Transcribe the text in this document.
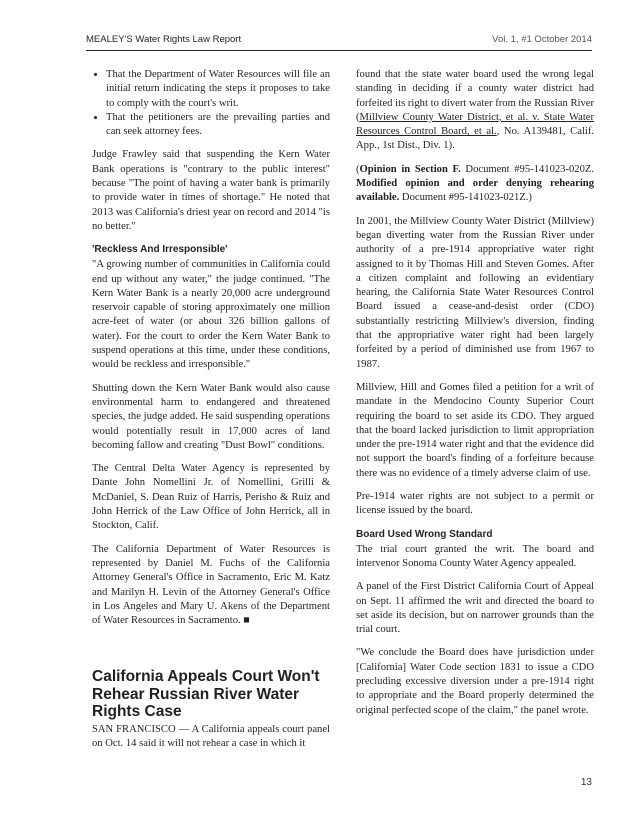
MEALEY'S Water Rights Law Report	Vol. 1, #1 October 2014
• That the Department of Water Resources will file an initial return indicating the steps it proposes to take to comply with the court's writ.
• That the petitioners are the prevailing parties and can seek attorney fees.

Judge Frawley said that suspending the Kern Water Bank operations is "contrary to the public interest" because "The point of having a water bank is primarily to provide water in times of shortage." He noted that 2013 was California's driest year on record and 2014 "is no better."

'Reckless And Irresponsible'

"A growing number of communities in California could end up without any water," the judge continued. "The Kern Water Bank is a nearly 20,000 acre underground reservoir capable of storing approximately one million acre-feet of water (or about 326 billion gallons of water). For the court to order the Kern Water Bank to suspend operations at this time, under these conditions, would be reckless and irresponsible."

Shutting down the Kern Water Bank would also cause environmental harm to endangered and threatened species, the judge added. He said suspending operations would potentially result in 17,000 acres of land becoming fallow and creating "Dust Bowl" conditions.

The Central Delta Water Agency is represented by Dante John Nomellini Jr. of Nomellini, Grilli & McDaniel, S. Dean Ruiz of Harris, Perisho & Ruiz and John Herrick of the Law Office of John Herrick, all in Stockton, Calif.

The California Department of Water Resources is represented by Daniel M. Fuchs of the California Attorney General's Office in Sacramento, Eric M. Katz and Marilyn H. Levin of the Attorney General's Office in Los Angeles and Mary U. Akens of the Department of Water Resources in Sacramento. ■

California Appeals Court Won't Rehear Russian River Water Rights Case

SAN FRANCISCO — A California appeals court panel on Oct. 14 said it will not rehear a case in which it

found that the state water board used the wrong legal standing in deciding if a county water district had forfeited its right to divert water from the Russian River (Millview County Water District, et al. v. State Water Resources Control Board, et al., No. A139481, Calif. App., 1st Dist., Div. 1).

(Opinion in Section F. Document #95-141023-020Z. Modified opinion and order denying rehearing available. Document #95-141023-021Z.)

In 2001, the Millview County Water District (Millview) began diverting water from the Russian River under authority of a pre-1914 appropriative water right assigned to it by Thomas Hill and Steven Gomes. After a citizen complaint and following an evidentiary hearing, the California State Water Resources Control Board issued a cease-and-desist order (CDO) substantially restricting Millview's diversion, finding that the appropriative water right had been largely forfeited by a period of diminished use from 1967 to 1987.

Millview, Hill and Gomes filed a petition for a writ of mandate in the Mendocino County Superior Court requiring the board to set aside its CDO. They argued that the board lacked jurisdiction to limit appropriation under the pre-1914 water right and that the evidence did not support the board's finding of a forfeiture because there was no evidence of a timely adverse claim of use.

Pre-1914 water rights are not subject to a permit or license issued by the board.

Board Used Wrong Standard

The trial court granted the writ. The board and intervenor Sonoma County Water Agency appealed.

A panel of the First District California Court of Appeal on Sept. 11 affirmed the writ and directed the board to set aside its decision, but on narrower grounds than the trial court.

"We conclude the Board does have jurisdiction under [California] Water Code section 1831 to issue a CDO precluding excessive diversion under a pre-1914 right to appropriate and the Board properly determined the original perfected scope of the claim," the panel wrote.

13
